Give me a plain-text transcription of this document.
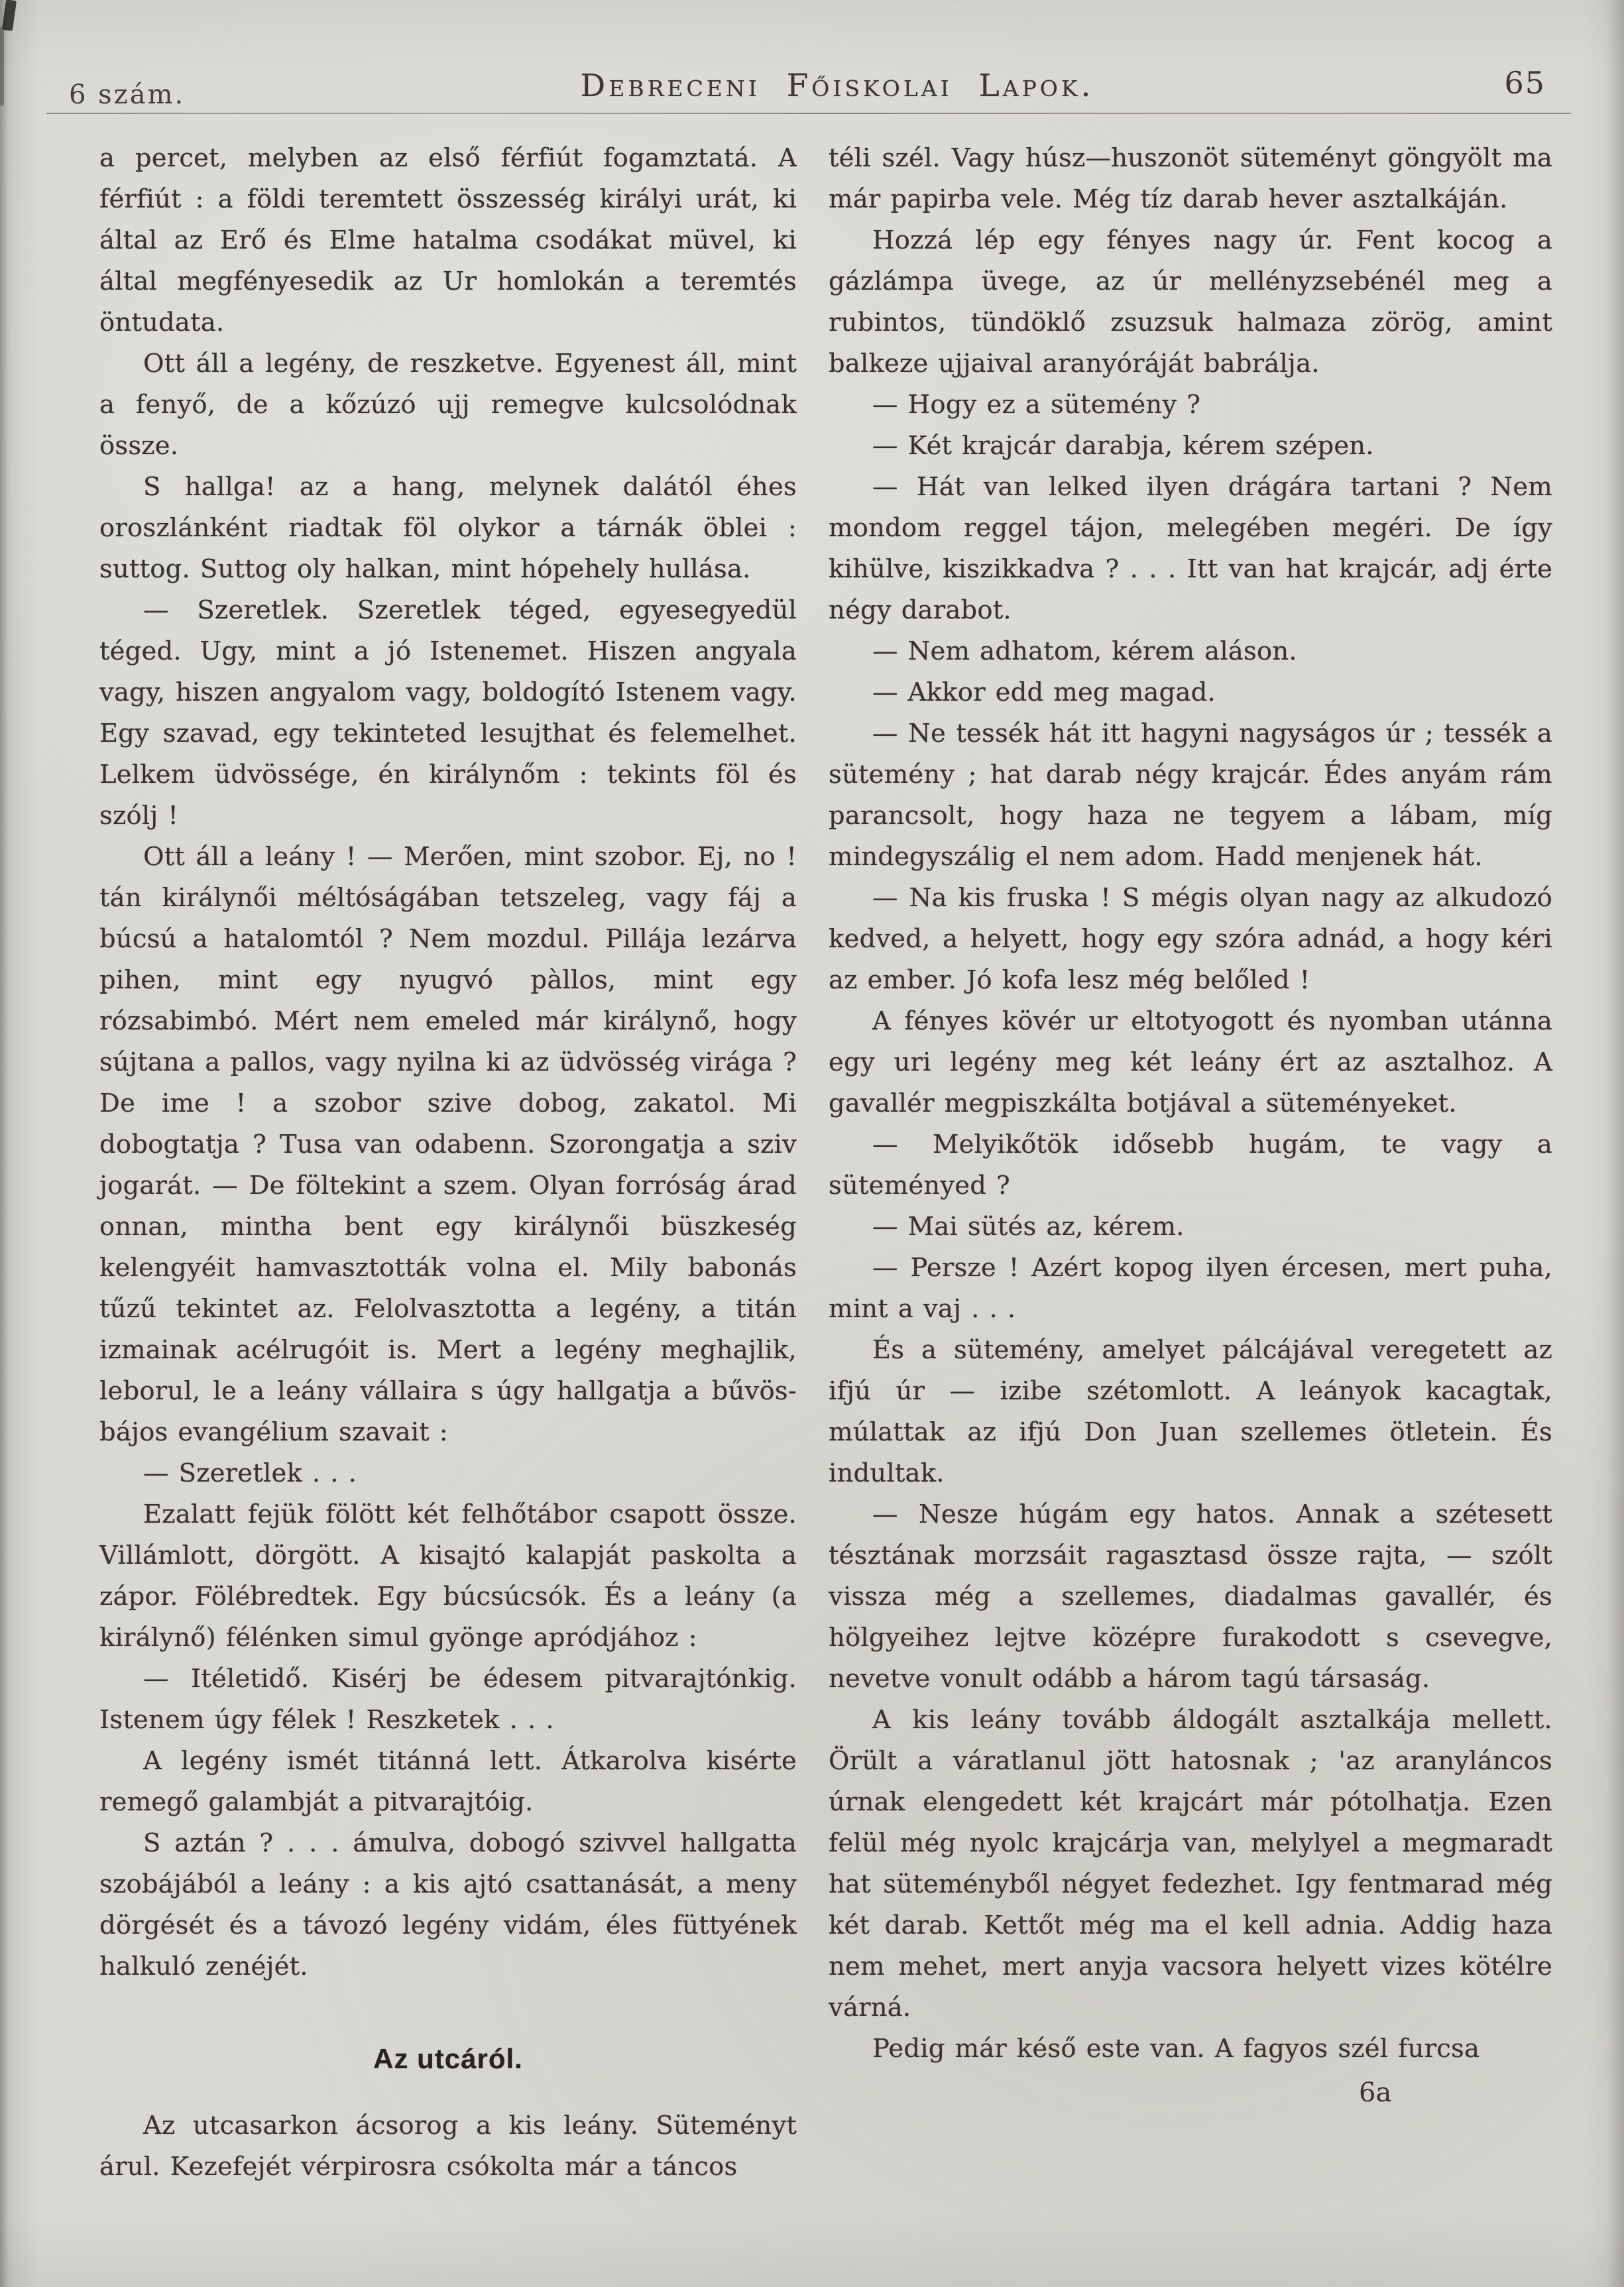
6 szám.	Debreceni Főiskolai Lapok.	65
a percet, melyben az első férfiút fogamztatá. A férfiút : a földi teremtett összesség királyi urát, ki által az Erő és Elme hatalma csodákat müvel, ki által megfényesedik az Ur homlokán a teremtés öntudata.
Ott áll a legény, de reszketve. Egyenest áll, mint a fenyő, de a kőzúzó ujj remegve kulcsolódnak össze.
S hallga! az a hang, melynek dalától éhes oroszlánként riadtak föl olykor a tárnák öblei : suttog. Suttog oly halkan, mint hópehely hullása.
— Szeretlek. Szeretlek téged, egyesegyedül téged. Ugy, mint a jó Istenemet. Hiszen angyala vagy, hiszen angyalom vagy, boldogító Istenem vagy. Egy szavad, egy tekinteted lesujthat és felemelhet. Lelkem üdvössége, én királynőm : tekints föl és szólj !
Ott áll a leány ! — Merően, mint szobor. Ej, no ! tán királynői méltóságában tetszeleg, vagy fáj a búcsú a hatalomtól ? Nem mozdul. Pillája lezárva pihen, mint egy nyugvó pàllos, mint egy rózsabimbó. Mért nem emeled már királynő, hogy sújtana a pallos, vagy nyilna ki az üdvösség virága ? De ime ! a szobor szive dobog, zakatol. Mi dobogtatja ? Tusa van odabenn. Szorongatja a sziv jogarát. — De föltekint a szem. Olyan forróság árad onnan, mintha bent egy királynői büszkeség kelengyéit hamvasztották volna el. Mily babonás tűzű tekintet az. Felolvasztotta a legény, a titán izmainak acélrugóit is. Mert a legény meghajlik, leborul, le a leány vállaira s úgy hallgatja a bűvös-bájos evangélium szavait :
— Szeretlek . . .
Ezalatt fejük fölött két felhőtábor csapott össze. Villámlott, dörgött. A kisajtó kalapját paskolta a zápor. Fölébredtek. Egy búcsúcsók. És a leány (a királynő) félénken simul gyönge apródjához :
— Itéletidő. Kisérj be édesem pitvarajtónkig. Istenem úgy félek ! Reszketek . . .
A legény ismét titánná lett. Átkarolva kisérte remegő galambját a pitvarajtóig.
S aztán ? . . . ámulva, dobogó szivvel hallgatta szobájából a leány : a kis ajtó csattanását, a meny dörgését és a távozó legény vidám, éles füttyének halkuló zenéjét.
Az utcáról.
Az utcasarkon ácsorog a kis leány. Süteményt árul. Kezefejét vérpirosra csókolta már a táncos
téli szél. Vagy húsz—huszonöt süteményt göngyölt ma már papirba vele. Még tíz darab hever asztalkáján.
Hozzá lép egy fényes nagy úr. Fent kocog a gázlámpa üvege, az úr mellényzsebénél meg a rubintos, tündöklő zsuzsuk halmaza zörög, amint balkeze ujjaival aranyóráját babrálja.
— Hogy ez a sütemény ?
— Két krajcár darabja, kérem szépen.
— Hát van lelked ilyen drágára tartani ? Nem mondom reggel tájon, melegében megéri. De így kihülve, kiszikkadva ? . . . Itt van hat krajcár, adj érte négy darabot.
— Nem adhatom, kérem aláson.
— Akkor edd meg magad.
— Ne tessék hát itt hagyni nagyságos úr ; tessék a sütemény ; hat darab négy krajcár. Édes anyám rám parancsolt, hogy haza ne tegyem a lábam, míg mindegyszálig el nem adom. Hadd menjenek hát.
— Na kis fruska ! S mégis olyan nagy az alkudozó kedved, a helyett, hogy egy szóra adnád, a hogy kéri az ember. Jó kofa lesz még belőled !
A fényes kövér ur eltotyogott és nyomban utánna egy uri legény meg két leány ért az asztalhoz. A gavallér megpiszkálta botjával a süteményeket.
— Melyikőtök idősebb hugám, te vagy a süteményed ?
— Mai sütés az, kérem.
— Persze ! Azért kopog ilyen ércesen, mert puha, mint a vaj . . .
És a sütemény, amelyet pálcájával veregetett az ifjú úr — izibe szétomlott. A leányok kacagtak, múlattak az ifjú Don Juan szellemes ötletein. És indultak.
— Nesze húgám egy hatos. Annak a szétesett tésztának morzsáit ragasztasd össze rajta, — szólt vissza még a szellemes, diadalmas gavallér, és hölgyeihez lejtve középre furakodott s csevegve, nevetve vonult odább a három tagú társaság.
A kis leány tovább áldogált asztalkája mellett. Örült a váratlanul jött hatosnak ; 'az aranyláncos úrnak elengedett két krajcárt már pótolhatja. Ezen felül még nyolc krajcárja van, melylyel a megmaradt hat süteményből négyet fedezhet. Igy fentmarad még két darab. Kettőt még ma el kell adnia. Addig haza nem mehet, mert anyja vacsora helyett vizes kötélre várná.
Pedig már késő este van. A fagyos szél furcsa
6a
